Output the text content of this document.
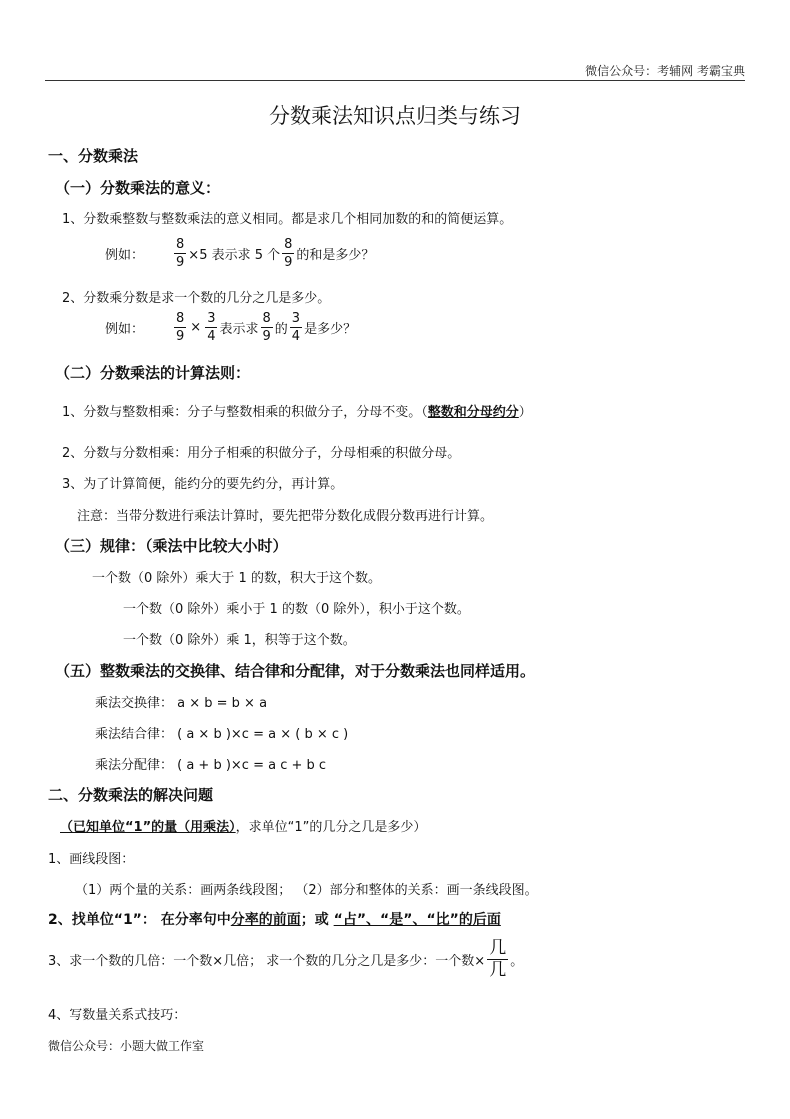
微信公众号：考辅网 考霸宝典
分数乘法知识点归类与练习
一、分数乘法
（一）分数乘法的意义：
1、分数乘整数与整数乘法的意义相同。都是求几个相同加数的和的简便运算。
例如： $\frac{8}{9} \times 5$ 表示求 5 个 $\frac{8}{9}$ 的和是多少？
2、分数乘分数是求一个数的几分之几是多少。
例如： $\frac{8}{9} \times \frac{3}{4}$ 表示求 $\frac{8}{9}$ 的 $\frac{3}{4}$ 是多少？
（二）分数乘法的计算法则：
1、分数与整数相乘：分子与整数相乘的积做分子，分母不变。（整数和分母约分）
2、分数与分数相乘：用分子相乘的积做分子，分母相乘的积做分母。
3、为了计算简便，能约分的要先约分，再计算。
注意：当带分数进行乘法计算时，要先把带分数化成假分数再进行计算。
（三）规律：（乘法中比较大小时）
一个数（0 除外）乘大于 1 的数，积大于这个数。
一个数（0 除外）乘小于 1 的数（0 除外），积小于这个数。
一个数（0 除外）乘 1，积等于这个数。
（五）整数乘法的交换律、结合律和分配律，对于分数乘法也同样适用。
乘法交换律： a × b = b × a
乘法结合律： ( a × b )×c = a × ( b × c )
乘法分配律： ( a + b )×c = a c + b c
二、分数乘法的解决问题
（已知单位“1”的量（用乘法），求单位“1”的几分之几是多少）
1、画线段图：
（1）两个量的关系：画两条线段图； （2）部分和整体的关系：画一条线段图。
2、找单位“1”： 在分率句中分率的前面；或 “占”、“是”、“比”的后面
3、求一个数的几倍：一个数×几倍； 求一个数的几分之几是多少：一个数× $\frac{\text{几}}{\text{几}}$ 。
4、写数量关系式技巧：
微信公众号：小题大做工作室
